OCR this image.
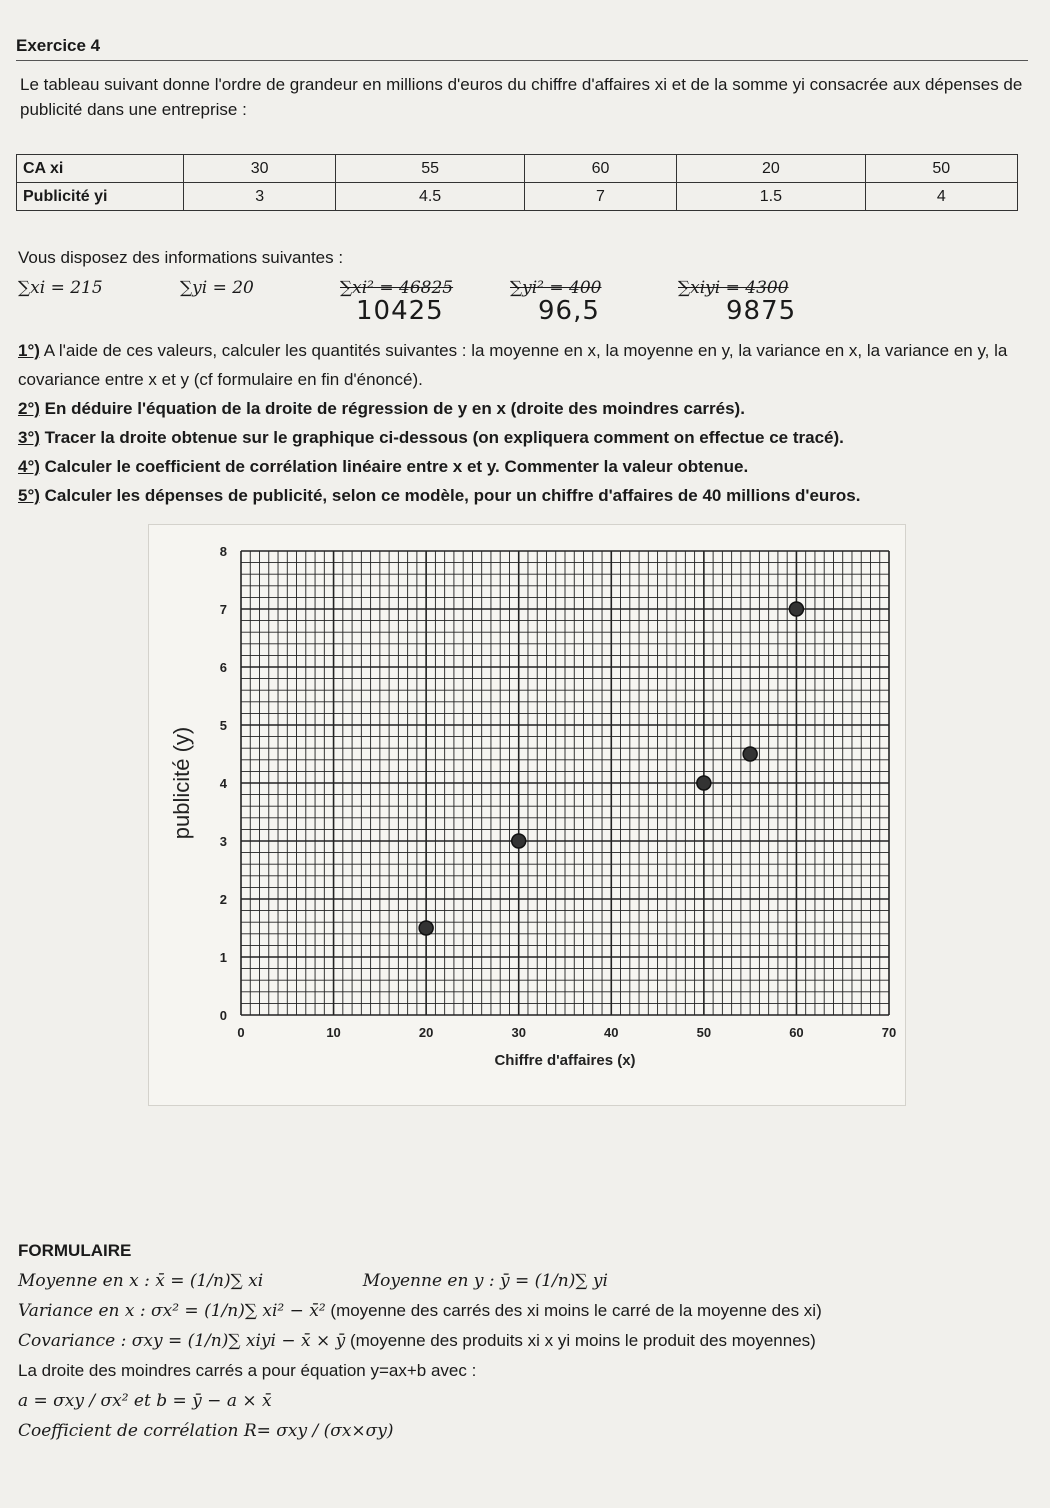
Exercice 4
Le tableau suivant donne l'ordre de grandeur en millions d'euros du chiffre d'affaires xi et de la somme yi consacrée aux dépenses de publicité dans une entreprise :
CA xi	30	55	60	20	50
Publicité yi	3	4.5	7	1.5	4
Vous disposez des informations suivantes :
∑xi = 215	∑yi = 20	∑xi² = 46825	∑yi² = 400	∑xiyi = 4300
10425	96,5	9875

1°) A l'aide de ces valeurs, calculer les quantités suivantes : la moyenne en x, la moyenne en y, la variance en x, la variance en y, la covariance entre x et y (cf formulaire en fin d'énoncé).

2°) En déduire l'équation de la droite de régression de y en x (droite des moindres carrés).

3°) Tracer la droite obtenue sur le graphique ci-dessous (on expliquera comment on effectue ce tracé).

4°) Calculer le coefficient de corrélation linéaire entre x et y. Commenter la valeur obtenue.

5°) Calculer les dépenses de publicité, selon ce modèle, pour un chiffre d'affaires de 40 millions d'euros.

0	10	20	30	40	50	60	70
0
1
2
3
4
5
6
7
8
Chiffre d'affaires (x)
publicité (y)
FORMULAIRE
Moyenne en x : x̄ = (1/n)∑ xi	Moyenne en y : ȳ = (1/n)∑ yi
Variance en x : σx² = (1/n)∑ xi² − x̄² (moyenne des carrés des xi moins le carré de la moyenne des xi)
Covariance : σxy = (1/n)∑ xiyi − x̄ × ȳ (moyenne des produits xi x yi moins le produit des moyennes)
La droite des moindres carrés a pour équation y=ax+b avec :
a = σxy / σx² et b = ȳ − a × x̄
Coefficient de corrélation R= σxy / (σx×σy)
